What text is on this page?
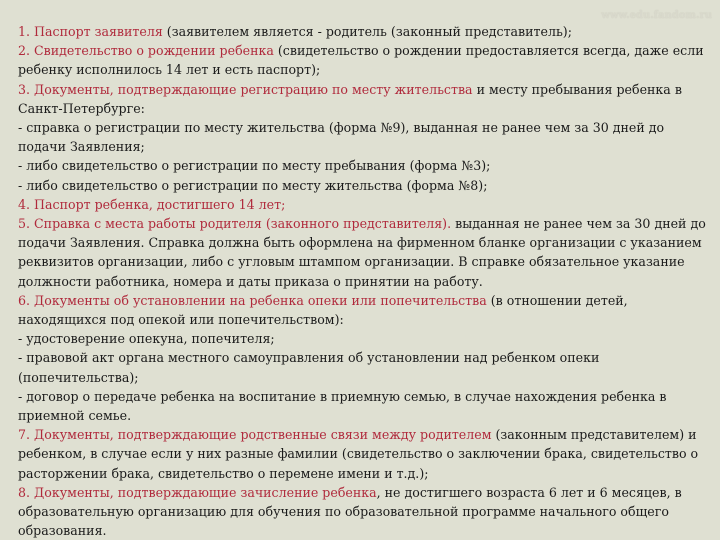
www.edu.fandom.ru

1. Паспорт заявителя (заявителем является - родитель (законный представитель);

2. Свидетельство о рождении ребенка (свидетельство о рождении предоставляется всегда, даже если ребенку исполнилось 14 лет и есть паспорт);

3. Документы, подтверждающие регистрацию по месту жительства и месту пребывания ребенка в Санкт-Петербурге:

- справка о регистрации по месту жительства (форма №9), выданная не ранее чем за 30 дней до подачи Заявления;

- либо свидетельство о регистрации по месту пребывания (форма №3);

- либо свидетельство о регистрации по месту жительства (форма №8);

4. Паспорт ребенка, достигшего 14 лет;

5. Справка с места работы родителя (законного представителя). выданная не ранее чем за 30 дней до подачи Заявления. Справка должна быть оформлена на фирменном бланке организации с указанием реквизитов организации, либо с угловым штампом организации. В справке обязательное указание должности работника, номера и даты приказа о принятии на работу.

6. Документы об установлении на ребенка опеки или попечительства (в отношении детей, находящихся под опекой или попечительством):

- удостоверение опекуна, попечителя;

- правовой акт органа местного самоуправления об установлении над ребенком опеки (попечительства);

- договор о передаче ребенка на воспитание в приемную семью, в случае нахождения ребенка в приемной семье.

7. Документы, подтверждающие родственные связи между родителем (законным представителем) и ребенком, в случае если у них разные фамилии (свидетельство о заключении брака, свидетельство о расторжении брака, свидетельство о перемене имени и т.д.);

8. Документы, подтверждающие зачисление ребенка, не достигшего возраста 6 лет и 6 месяцев, в образовательную организацию для обучения по образовательной программе начального общего образования.
